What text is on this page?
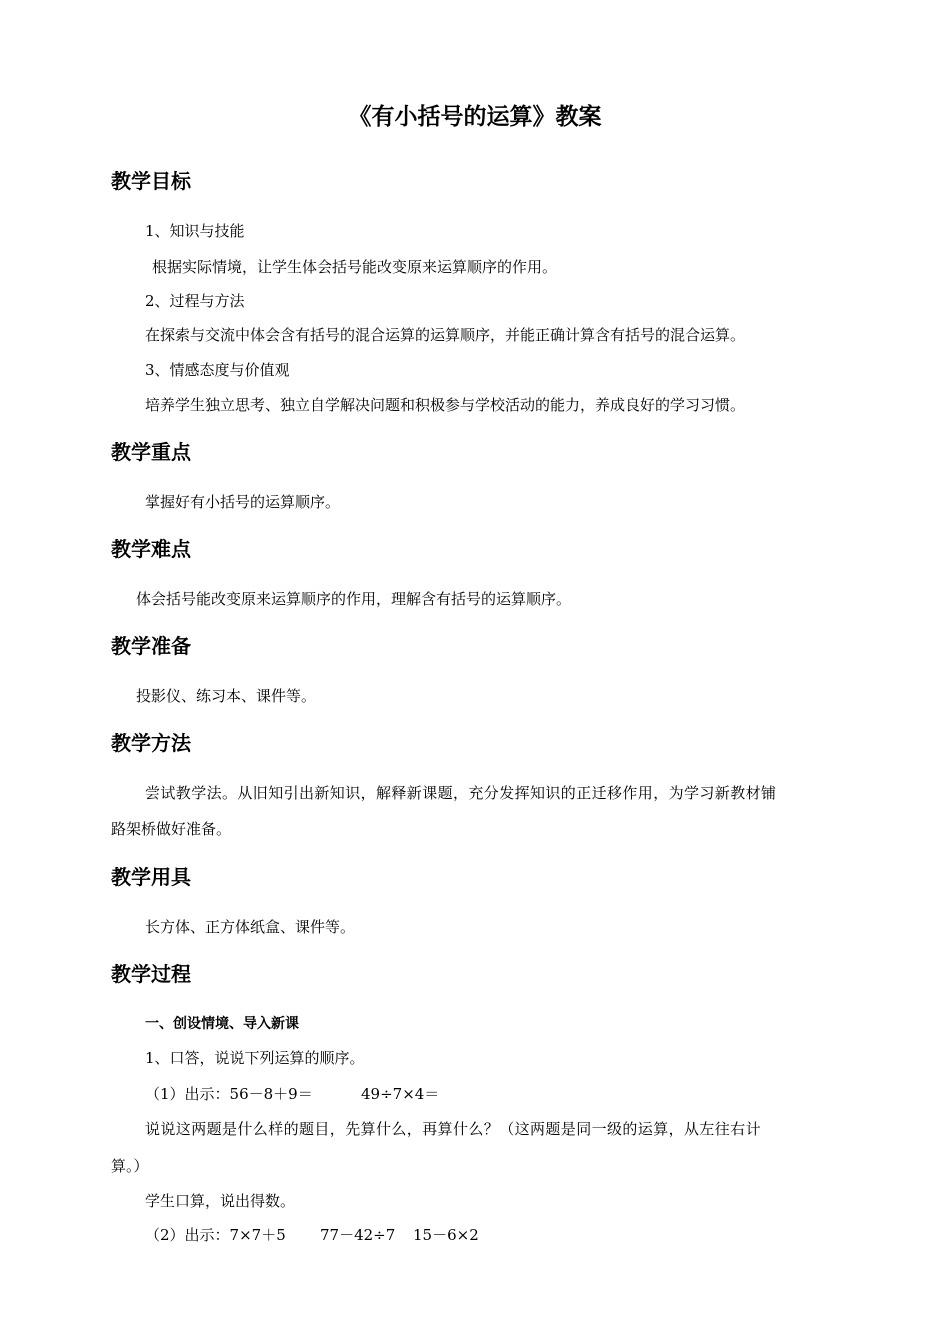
《有小括号的运算》教案
教学目标
1、知识与技能
根据实际情境，让学生体会括号能改变原来运算顺序的作用。
2、过程与方法
在探索与交流中体会含有括号的混合运算的运算顺序，并能正确计算含有括号的混合运算。
3、情感态度与价值观
培养学生独立思考、独立自学解决问题和积极参与学校活动的能力，养成良好的学习习惯。
教学重点
掌握好有小括号的运算顺序。
教学难点
体会括号能改变原来运算顺序的作用，理解含有括号的运算顺序。
教学准备
投影仪、练习本、课件等。
教学方法
尝试教学法。从旧知引出新知识，解释新课题，充分发挥知识的正迁移作用，为学习新教材铺
路架桥做好准备。
教学用具
长方体、正方体纸盒、课件等。
教学过程
一、创设情境、导入新课
1、口答，说说下列运算的顺序。
（1）出示：56－8＋9＝	49÷7×4＝
说说这两题是什么样的题目，先算什么，再算什么？（这两题是同一级的运算，从左往右计
算。）
学生口算，说出得数。
（2）出示：7×7＋5 77－42÷7 15－6×2
